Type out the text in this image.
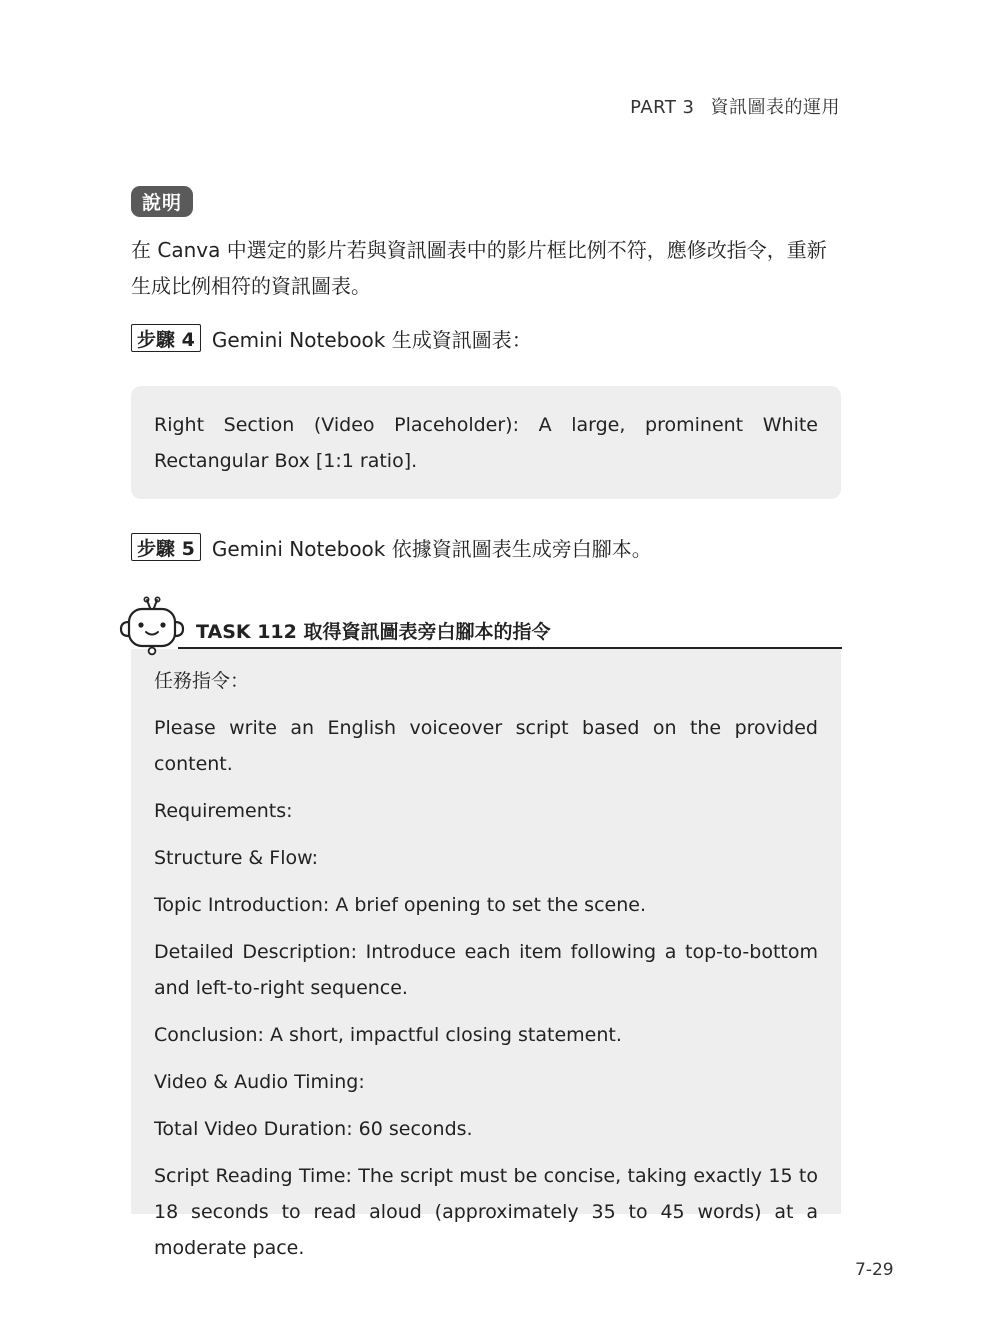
PART 3 資訊圖表的運用
說明

在 Canva 中選定的影片若與資訊圖表中的影片框比例不符，應修改指令，重新生成比例相符的資訊圖表。

步驟 4 Gemini Notebook 生成資訊圖表：
Right Section (Video Placeholder): A large, prominent White Rectangular Box [1:1 ratio].
步驟 5 Gemini Notebook 依據資訊圖表生成旁白腳本。

任務指令：

Please write an English voiceover script based on the provided content.

Requirements:

Structure & Flow:

Topic Introduction: A brief opening to set the scene.

Detailed Description: Introduce each item following a top-to-bottom and left-to-right sequence.

Conclusion: A short, impactful closing statement.

Video & Audio Timing:

Total Video Duration: 60 seconds.

Script Reading Time: The script must be concise, taking exactly 15 to 18 seconds to read aloud (approximately 35 to 45 words) at a moderate pace.

TASK 112 取得資訊圖表旁白腳本的指令
7-29
